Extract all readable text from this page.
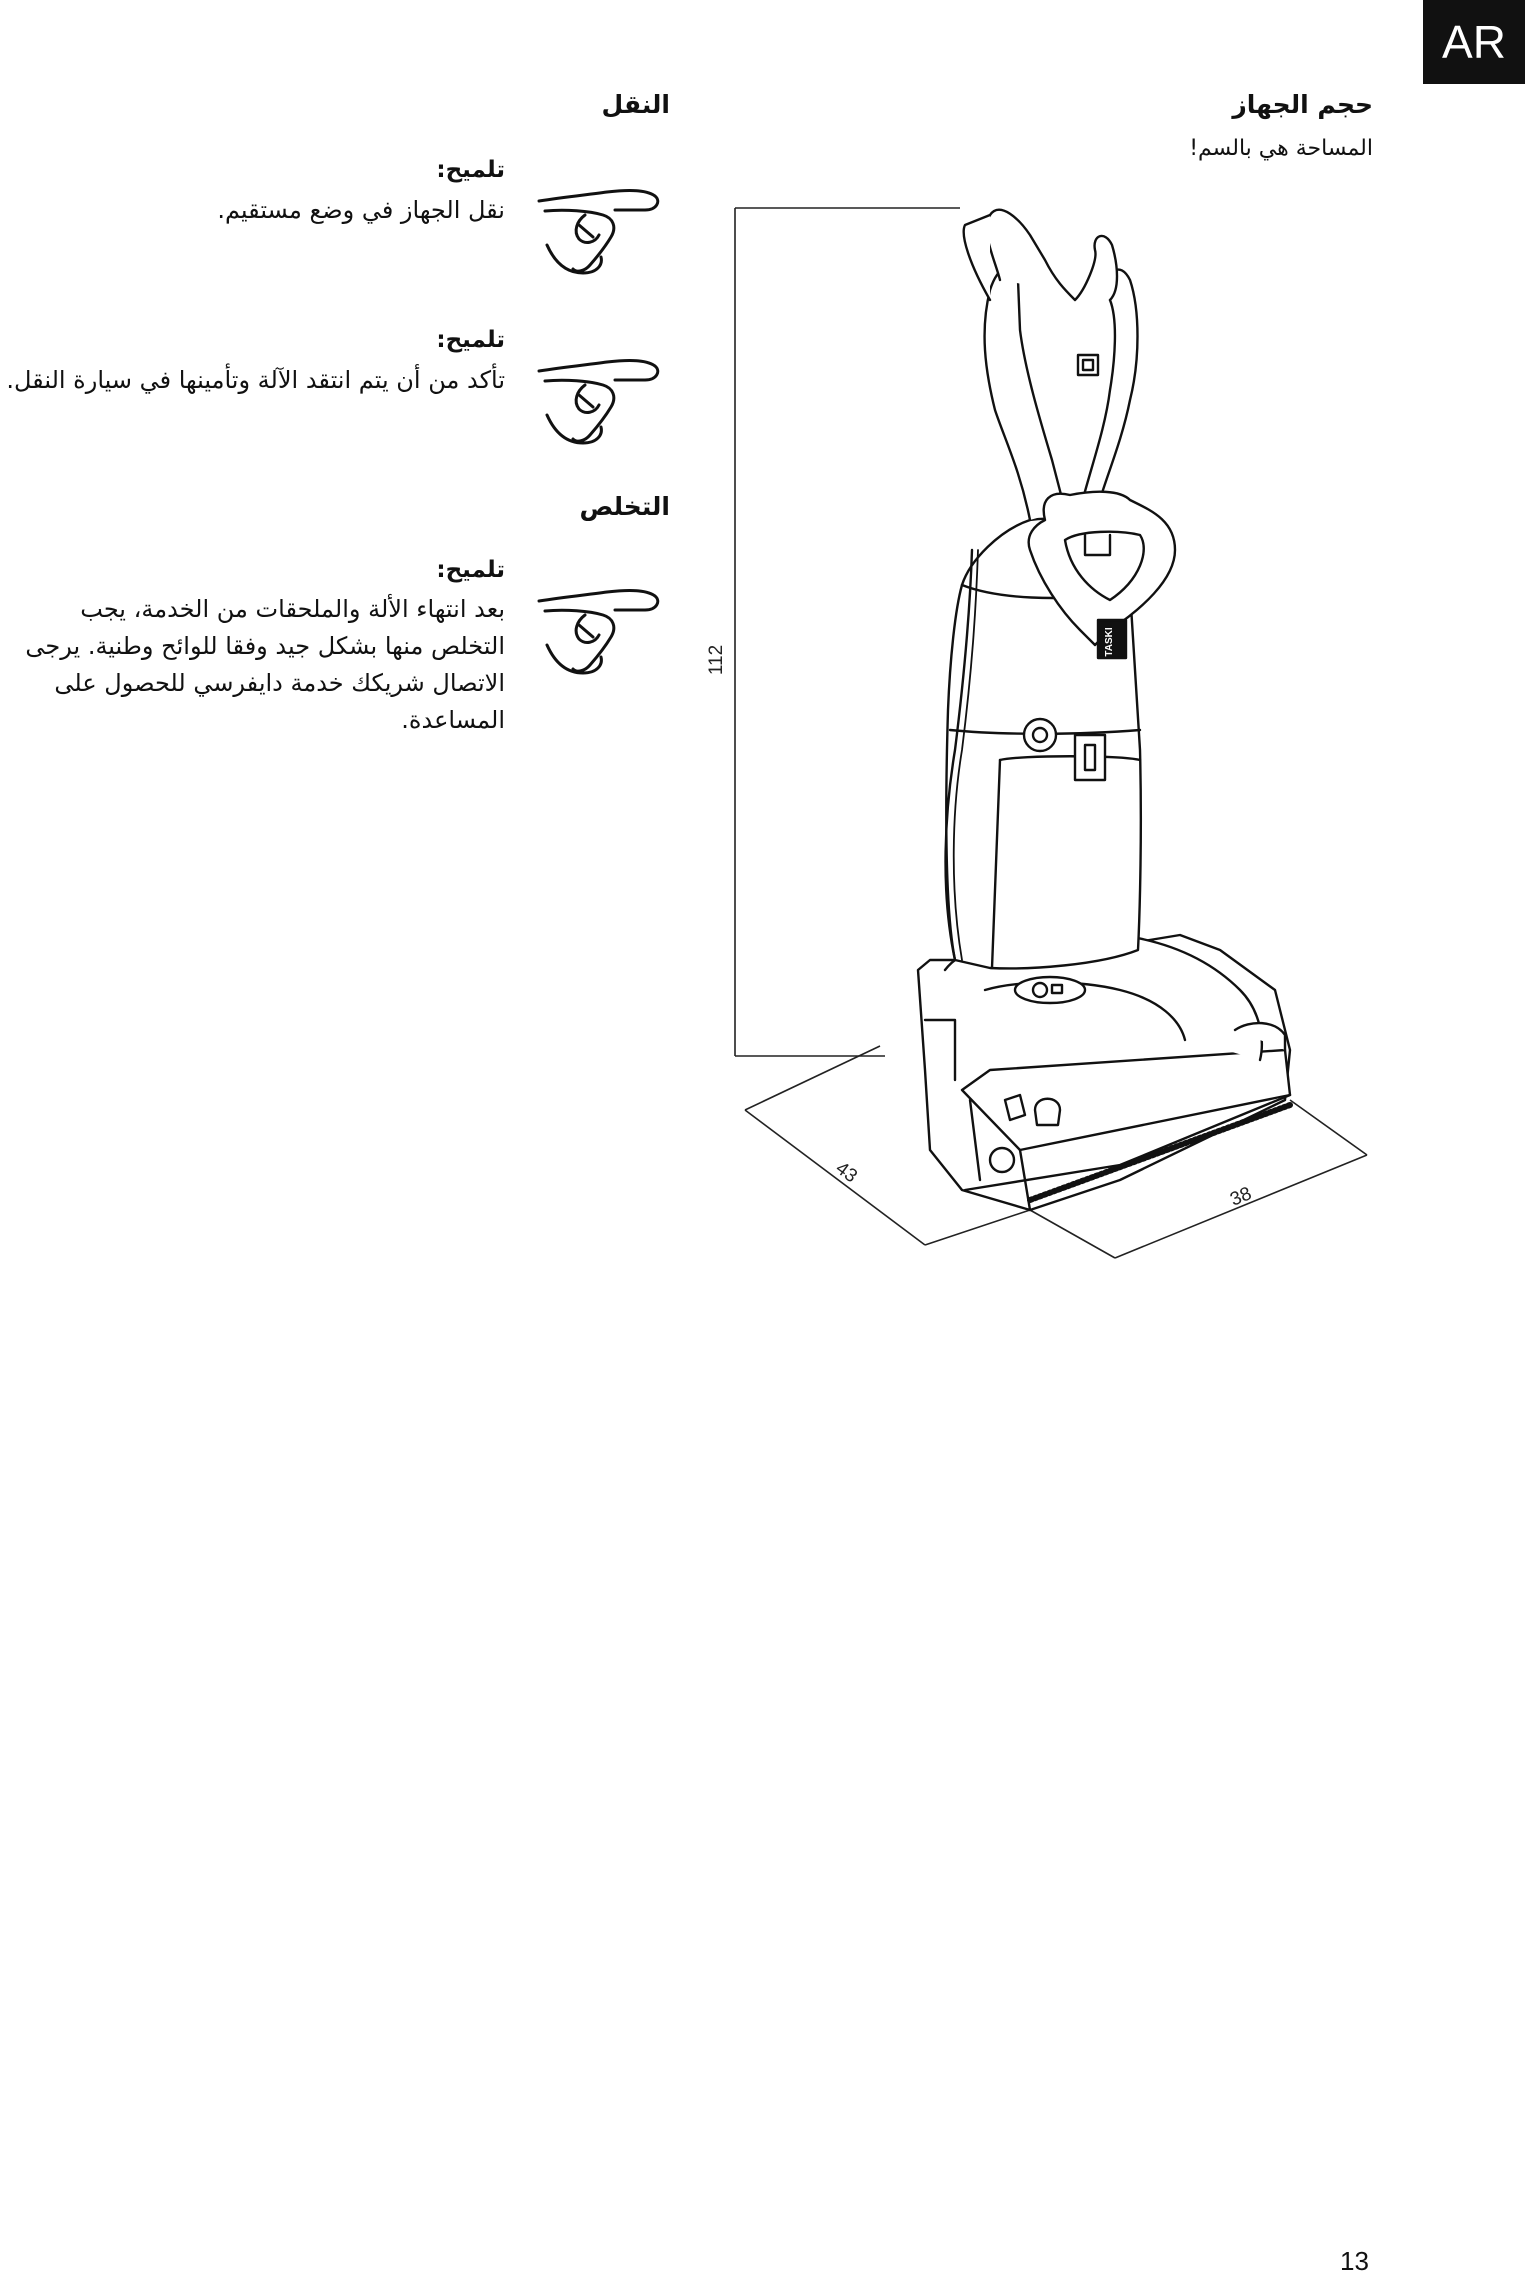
AR
حجم الجهاز
المساحة هي بالسم!
النقل
تلميح:
نقل الجهاز في وضع مستقيم.
تلميح:
تأكد من أن يتم انتقد الآلة وتأمينها في سيارة النقل.
التخلص
تلميح:
بعد انتهاء الألة والملحقات من الخدمة، يجب
التخلص منها بشكل جيد وفقا للوائح وطنية. يرجى
الاتصال شريكك خدمة دايفرسي للحصول على
المساعدة.
112
43
38
TASKI
13
